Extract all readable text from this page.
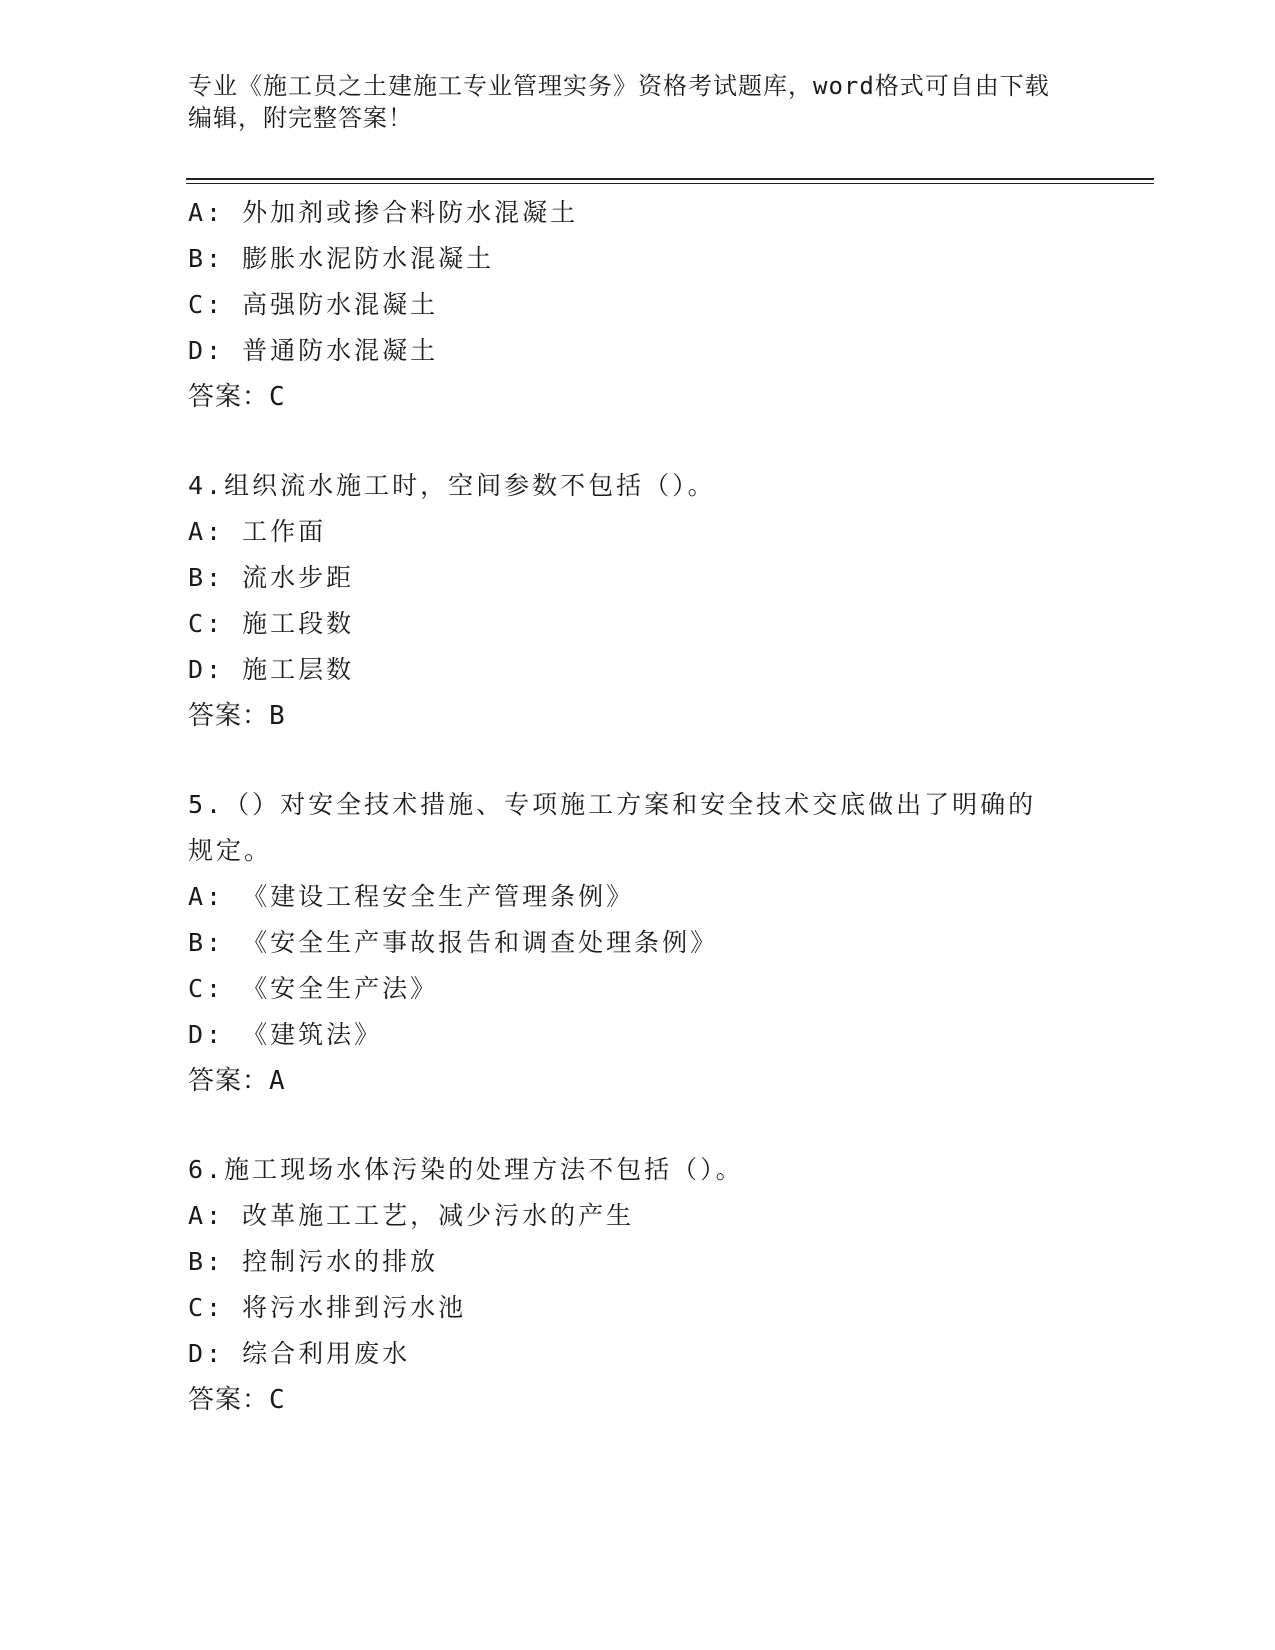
专业《施工员之土建施工专业管理实务》资格考试题库，word格式可自由下载编辑，附完整答案！
A: 外加剂或掺合料防水混凝土
B: 膨胀水泥防水混凝土
C: 高强防水混凝土
D: 普通防水混凝土
答案：C
4.组织流水施工时，空间参数不包括（）。
A: 工作面
B: 流水步距
C: 施工段数
D: 施工层数
答案：B
5.（）对安全技术措施、专项施工方案和安全技术交底做出了明确的规定。
A: 《建设工程安全生产管理条例》
B: 《安全生产事故报告和调查处理条例》
C: 《安全生产法》
D: 《建筑法》
答案：A
6.施工现场水体污染的处理方法不包括（）。
A: 改革施工工艺，减少污水的产生
B: 控制污水的排放
C: 将污水排到污水池
D: 综合利用废水
答案：C
